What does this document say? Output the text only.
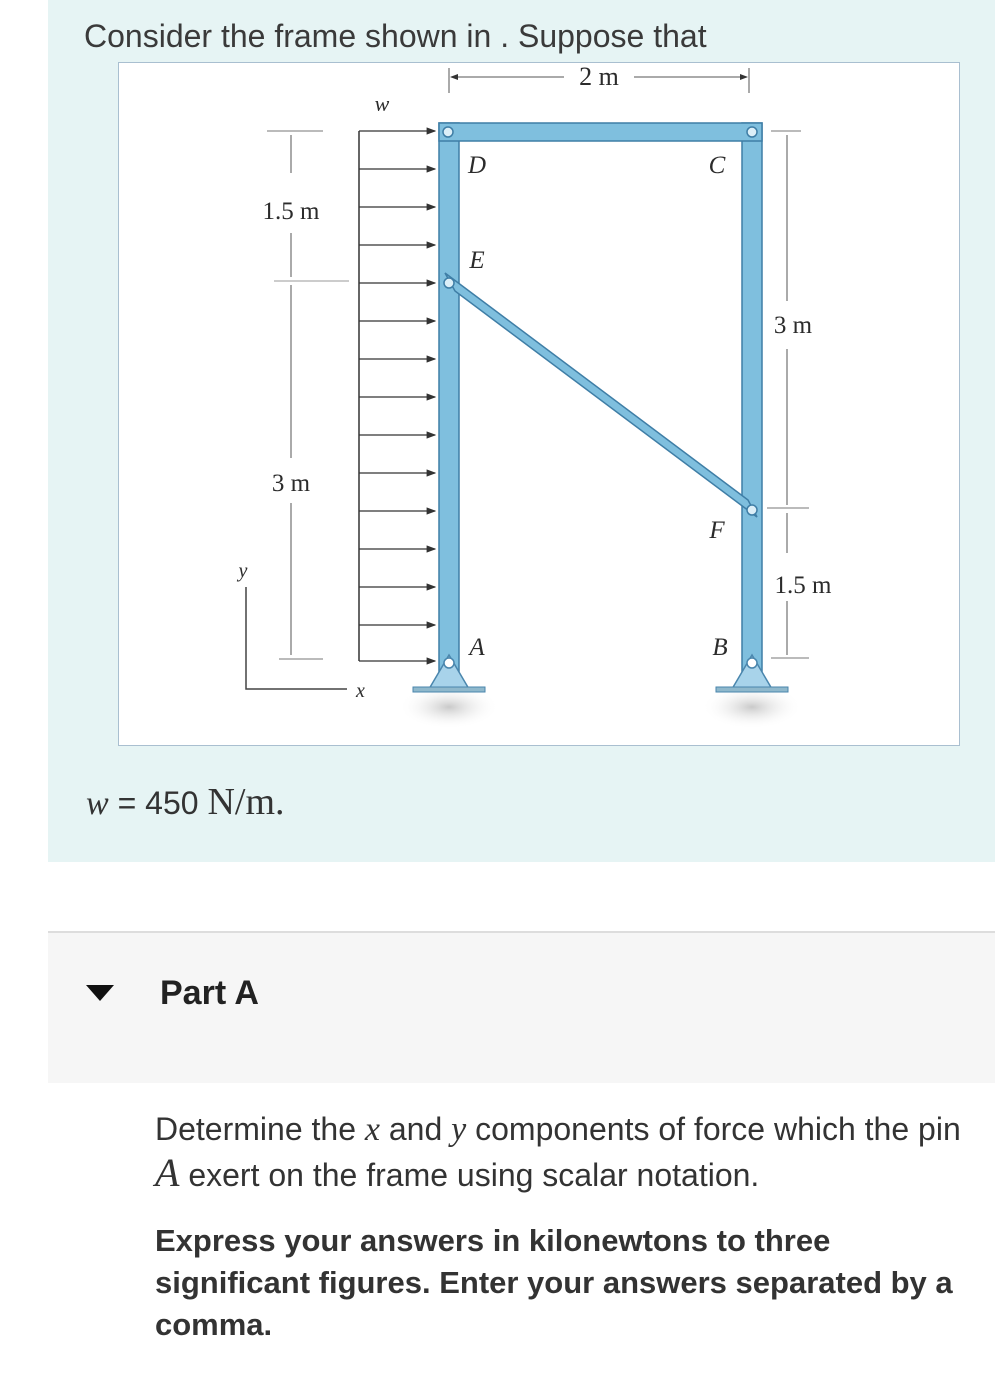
Consider the frame shown in . Suppose that
2 m
w
1.5 m
3 m
y
x
3 m
1.5 m
D	C
E
F
A	B
w = 450 N/m.
Part A
Determine the x and y components of force which the pin A exert on the frame using scalar notation.
Express your answers in kilonewtons to three significant figures. Enter your answers separated by a comma.
